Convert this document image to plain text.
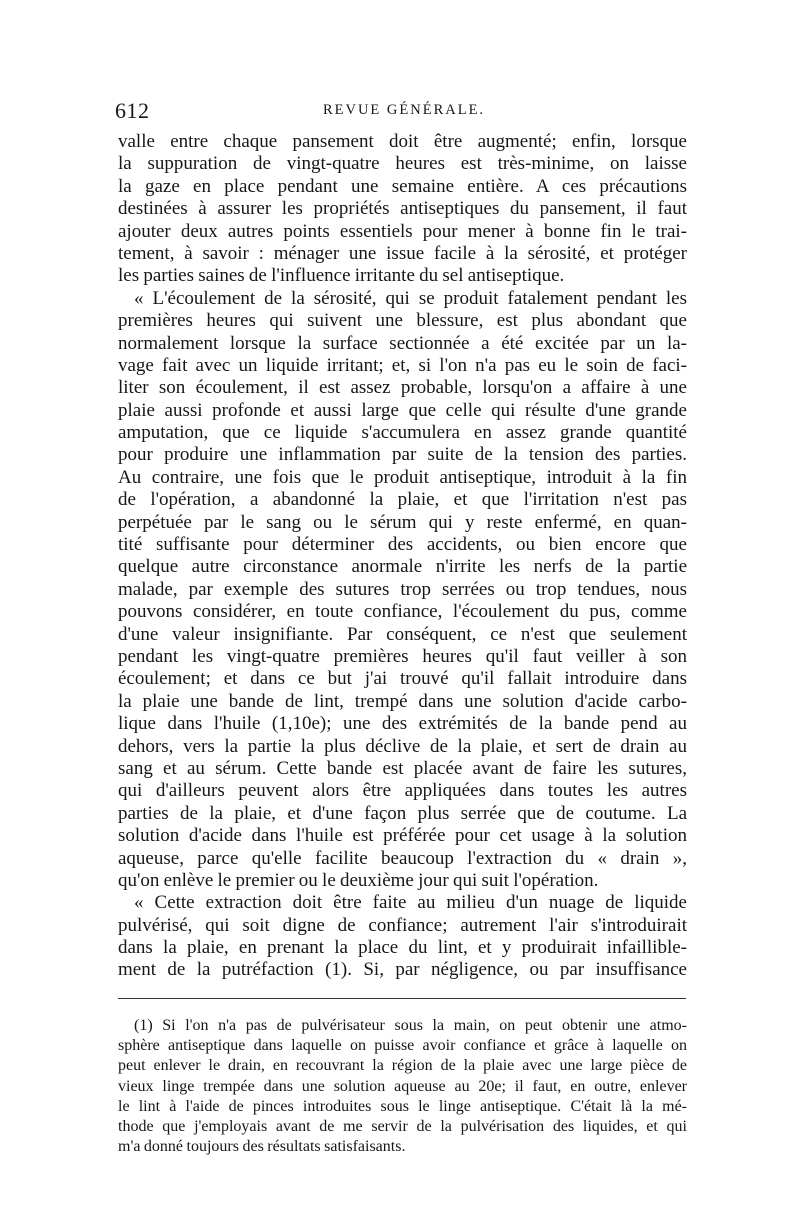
612	REVUE GÉNÉRALE.
valle entre chaque pansement doit être augmenté; enfin, lorsque
la suppuration de vingt-quatre heures est très-minime, on laisse
la gaze en place pendant une semaine entière. A ces précautions
destinées à assurer les propriétés antiseptiques du pansement, il faut
ajouter deux autres points essentiels pour mener à bonne fin le trai-
tement, à savoir : ménager une issue facile à la sérosité, et protéger
les parties saines de l'influence irritante du sel antiseptique.
« L'écoulement de la sérosité, qui se produit fatalement pendant les
premières heures qui suivent une blessure, est plus abondant que
normalement lorsque la surface sectionnée a été excitée par un la-
vage fait avec un liquide irritant; et, si l'on n'a pas eu le soin de faci-
liter son écoulement, il est assez probable, lorsqu'on a affaire à une
plaie aussi profonde et aussi large que celle qui résulte d'une grande
amputation, que ce liquide s'accumulera en assez grande quantité
pour produire une inflammation par suite de la tension des parties.
Au contraire, une fois que le produit antiseptique, introduit à la fin
de l'opération, a abandonné la plaie, et que l'irritation n'est pas
perpétuée par le sang ou le sérum qui y reste enfermé, en quan-
tité suffisante pour déterminer des accidents, ou bien encore que
quelque autre circonstance anormale n'irrite les nerfs de la partie
malade, par exemple des sutures trop serrées ou trop tendues, nous
pouvons considérer, en toute confiance, l'écoulement du pus, comme
d'une valeur insignifiante. Par conséquent, ce n'est que seulement
pendant les vingt-quatre premières heures qu'il faut veiller à son
écoulement; et dans ce but j'ai trouvé qu'il fallait introduire dans
la plaie une bande de lint, trempé dans une solution d'acide carbo-
lique dans l'huile (1,10e); une des extrémités de la bande pend au
dehors, vers la partie la plus déclive de la plaie, et sert de drain au
sang et au sérum. Cette bande est placée avant de faire les sutures,
qui d'ailleurs peuvent alors être appliquées dans toutes les autres
parties de la plaie, et d'une façon plus serrée que de coutume. La
solution d'acide dans l'huile est préférée pour cet usage à la solution
aqueuse, parce qu'elle facilite beaucoup l'extraction du « drain »,
qu'on enlève le premier ou le deuxième jour qui suit l'opération.
« Cette extraction doit être faite au milieu d'un nuage de liquide
pulvérisé, qui soit digne de confiance; autrement l'air s'introduirait
dans la plaie, en prenant la place du lint, et y produirait infaillible-
ment de la putréfaction (1). Si, par négligence, ou par insuffisance
(1) Si l'on n'a pas de pulvérisateur sous la main, on peut obtenir une atmo-
sphère antiseptique dans laquelle on puisse avoir confiance et grâce à laquelle on
peut enlever le drain, en recouvrant la région de la plaie avec une large pièce de
vieux linge trempée dans une solution aqueuse au 20e; il faut, en outre, enlever
le lint à l'aide de pinces introduites sous le linge antiseptique. C'était là la mé-
thode que j'employais avant de me servir de la pulvérisation des liquides, et qui
m'a donné toujours des résultats satisfaisants.
